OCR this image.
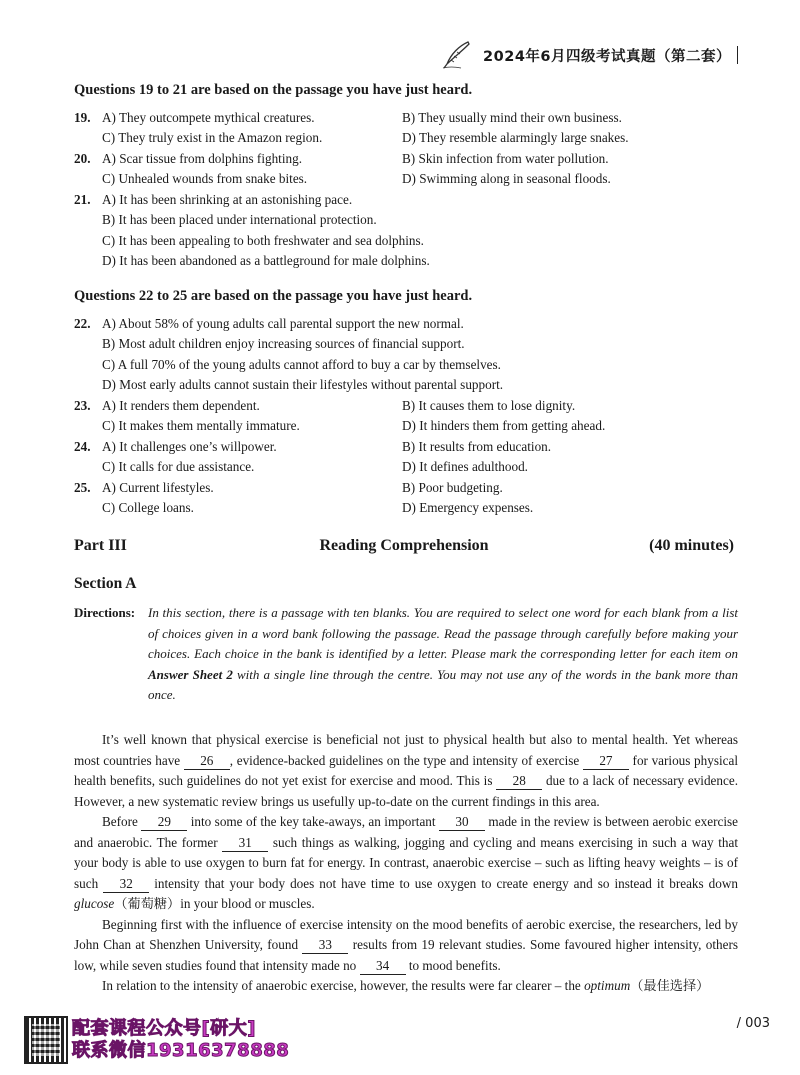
2024年6月四级考试真题（第二套）
Questions 19 to 21 are based on the passage you have just heard.
19. A) They outcompete mythical creatures.	B) They usually mind their own business.
C) They truly exist in the Amazon region.	D) They resemble alarmingly large snakes.
20. A) Scar tissue from dolphins fighting.	B) Skin infection from water pollution.
C) Unhealed wounds from snake bites.	D) Swimming along in seasonal floods.
21. A) It has been shrinking at an astonishing pace.
B) It has been placed under international protection.
C) It has been appealing to both freshwater and sea dolphins.
D) It has been abandoned as a battleground for male dolphins.
Questions 22 to 25 are based on the passage you have just heard.
22. A) About 58% of young adults call parental support the new normal.
B) Most adult children enjoy increasing sources of financial support.
C) A full 70% of the young adults cannot afford to buy a car by themselves.
D) Most early adults cannot sustain their lifestyles without parental support.
23. A) It renders them dependent.	B) It causes them to lose dignity.
C) It makes them mentally immature.	D) It hinders them from getting ahead.
24. A) It challenges one’s willpower.	B) It results from education.
C) It calls for due assistance.	D) It defines adulthood.
25. A) Current lifestyles.	B) Poor budgeting.
C) College loans.	D) Emergency expenses.
Part III	Reading Comprehension	(40 minutes)
Section A
Directions: In this section, there is a passage with ten blanks. You are required to select one word for each blank from a list of choices given in a word bank following the passage. Read the passage through carefully before making your choices. Each choice in the bank is identified by a letter. Please mark the corresponding letter for each item on Answer Sheet 2 with a single line through the centre. You may not use any of the words in the bank more than once.

It’s well known that physical exercise is beneficial not just to physical health but also to mental health. Yet whereas most countries have 26 , evidence-backed guidelines on the type and intensity of exercise 27 for various physical health benefits, such guidelines do not yet exist for exercise and mood. This is 28 due to a lack of necessary evidence. However, a new systematic review brings us usefully up-to-date on the current findings in this area.

Before 29 into some of the key take-aways, an important 30 made in the review is between aerobic exercise and anaerobic. The former 31 such things as walking, jogging and cycling and means exercising in such a way that your body is able to use oxygen to burn fat for energy. In contrast, anaerobic exercise – such as lifting heavy weights – is of such 32 intensity that your body does not have time to use oxygen to create energy and so instead it breaks down glucose（葡萄糖）in your blood or muscles.

Beginning first with the influence of exercise intensity on the mood benefits of aerobic exercise, the researchers, led by John Chan at Shenzhen University, found 33 results from 19 relevant studies. Some favoured higher intensity, others low, while seven studies found that intensity made no 34 to mood benefits.

In relation to the intensity of anaerobic exercise, however, the results were far clearer – the optimum（最佳选择）

配套课程公众号[研大]
联系微信19316378888
/ 003
